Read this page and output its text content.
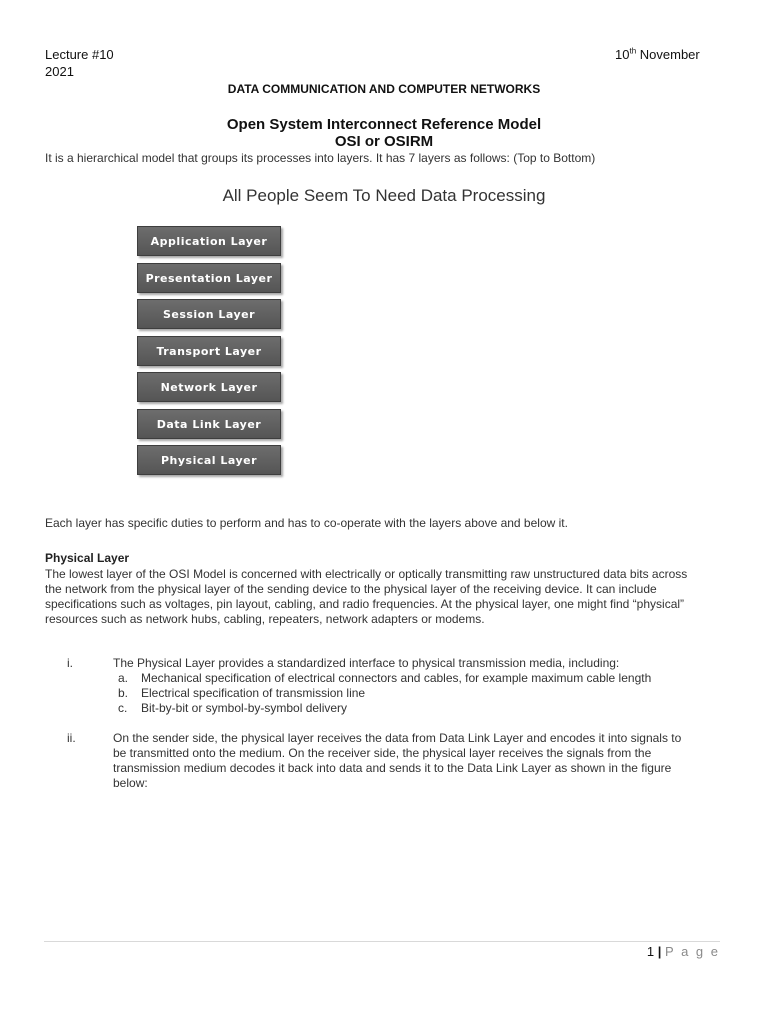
Lecture #10	10th November
2021
DATA COMMUNICATION AND COMPUTER NETWORKS
Open System Interconnect Reference Model
OSI or OSIRM
It is a hierarchical model that groups its processes into layers. It has 7 layers as follows: (Top to Bottom)
All People Seem To Need Data Processing
Application Layer
Presentation Layer
Session Layer
Transport Layer
Network Layer
Data Link Layer
Physical Layer
Each layer has specific duties to perform and has to co-operate with the layers above and below it.
Physical Layer
The lowest layer of the OSI Model is concerned with electrically or optically transmitting raw unstructured data bits across
the network from the physical layer of the sending device to the physical layer of the receiving device. It can include
specifications such as voltages, pin layout, cabling, and radio frequencies. At the physical layer, one might find “physical”
resources such as network hubs, cabling, repeaters, network adapters or modems.
i.	The Physical Layer provides a standardized interface to physical transmission media, including:
a. Mechanical specification of electrical connectors and cables, for example maximum cable length
b. Electrical specification of transmission line
c. Bit-by-bit or symbol-by-symbol delivery
ii.	On the sender side, the physical layer receives the data from Data Link Layer and encodes it into signals to
be transmitted onto the medium. On the receiver side, the physical layer receives the signals from the
transmission medium decodes it back into data and sends it to the Data Link Layer as shown in the figure
below:
1 | P a g e
